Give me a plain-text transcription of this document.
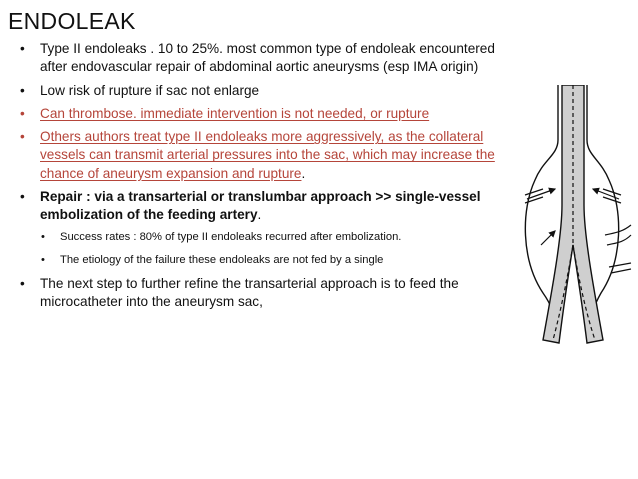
ENDOLEAK
• Type II endoleaks . 10 to 25%. most common type of endoleak encountered after endovascular repair of abdominal aortic aneurysms (esp IMA origin)
• Low risk of rupture if sac not enlarge
• Can thrombose. immediate intervention is not needed, or rupture
• Others authors treat type II endoleaks more aggressively, as the collateral vessels can transmit arterial pressures into the sac, which may increase the chance of aneurysm expansion and rupture.
• Repair : via a transarterial or translumbar approach >> single-vessel embolization of the feeding artery.
• Success rates : 80% of type II endoleaks recurred after embolization.
• The etiology of the failure these endoleaks are not fed by a single
• The next step to further refine the transarterial approach is to feed the microcatheter into the aneurysm sac,
